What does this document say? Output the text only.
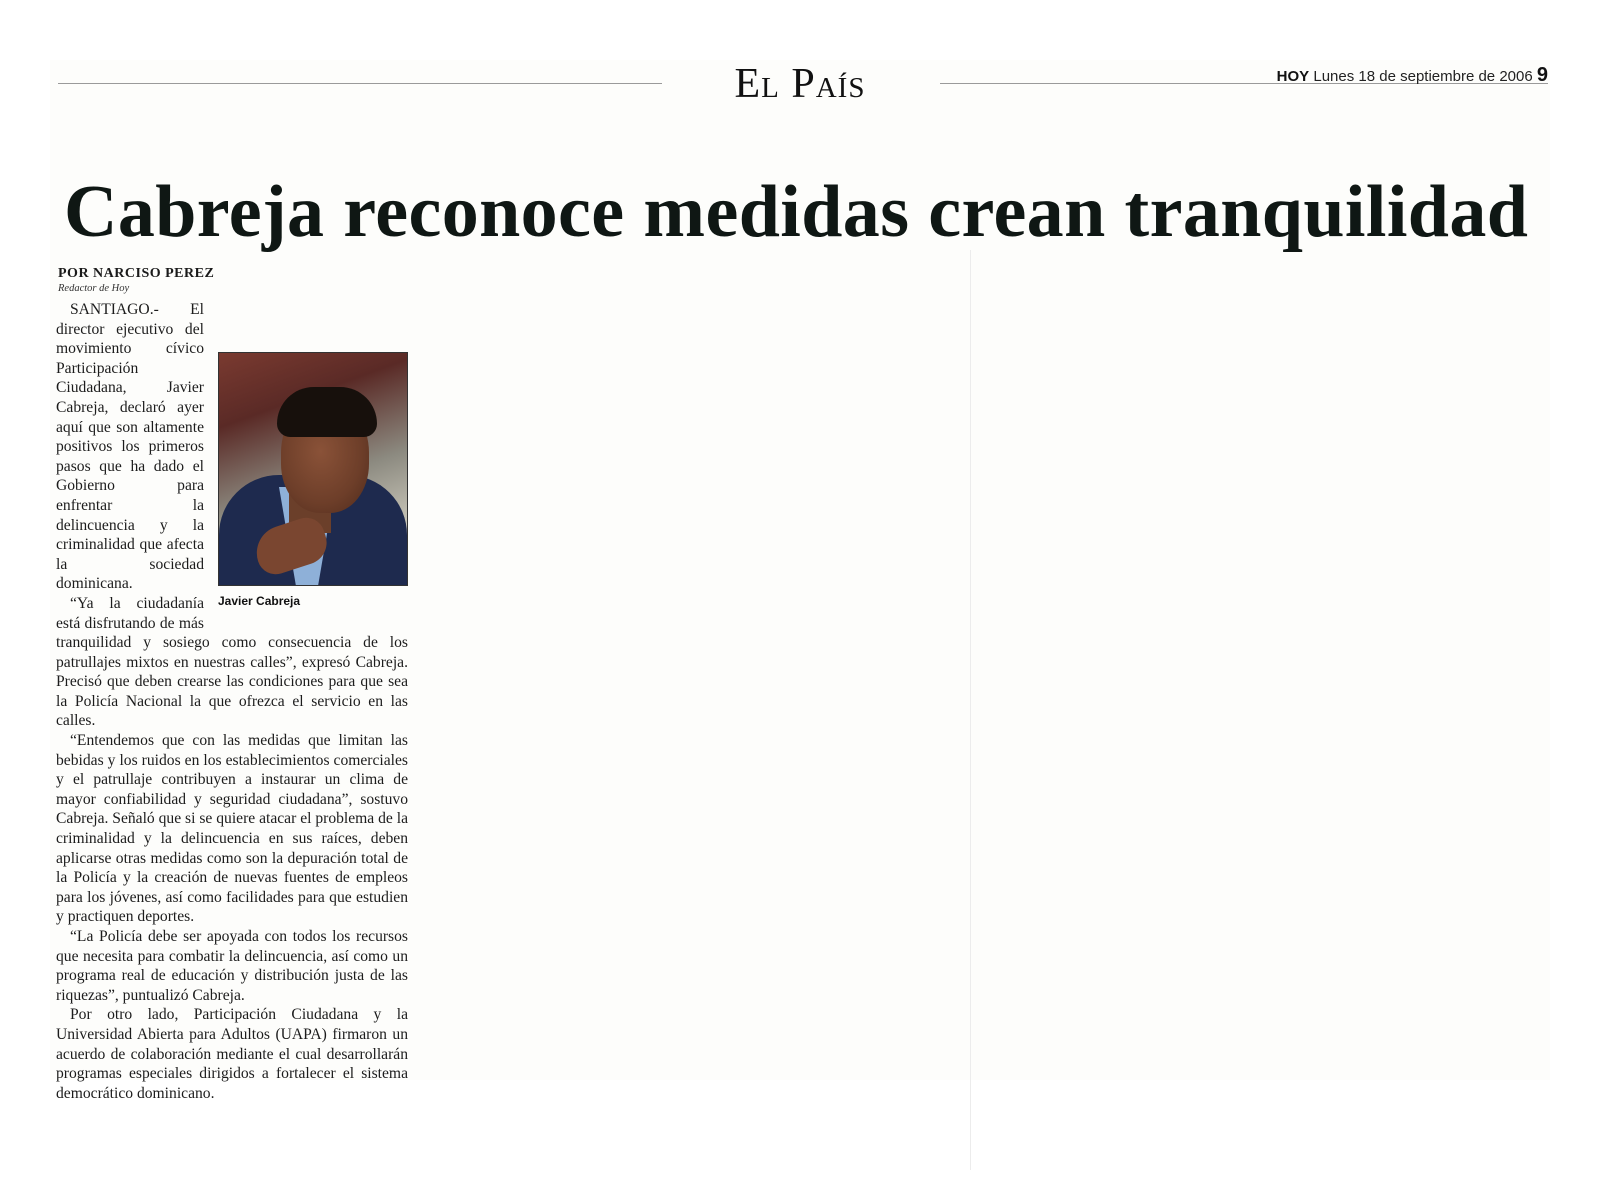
El País	HOY Lunes 18 de septiembre de 2006 9
Cabreja reconoce medidas crean tranquilidad
POR NARCISO PEREZ
Redactor de Hoy
Javier Cabreja

SANTIAGO.- El director ejecutivo del movimiento cívico Participación Ciudadana, Javier Cabreja, declaró ayer aquí que son altamente positivos los primeros pasos que ha dado el Gobierno para enfrentar la delincuencia y la criminalidad que afecta la sociedad dominicana.

“Ya la ciudadanía está disfrutando de más tranquilidad y sosiego como consecuencia de los patrullajes mixtos en nuestras calles”, expresó Cabreja. Precisó que deben crearse las condiciones para que sea la Policía Nacional la que ofrezca el servicio en las calles.

“Entendemos que con las medidas que limitan las bebidas y los ruidos en los establecimientos comerciales y el patrullaje contribuyen a instaurar un clima de mayor confiabilidad y seguridad ciudadana”, sostuvo Cabreja. Señaló que si se quiere atacar el problema de la criminalidad y la delincuencia en sus raíces, deben aplicarse otras medidas como son la depuración total de la Policía y la creación de nuevas fuentes de empleos para los jóvenes, así como facilidades para que estudien y practiquen deportes.

“La Policía debe ser apoyada con todos los recursos que necesita para combatir la delincuencia, así como un programa real de educación y distribución justa de las riquezas”, puntualizó Cabreja.

Por otro lado, Participación Ciudadana y la Universidad Abierta para Adultos (UAPA) firmaron un acuerdo de colaboración mediante el cual desarrollarán programas especiales dirigidos a fortalecer el sistema democrático dominicano.
